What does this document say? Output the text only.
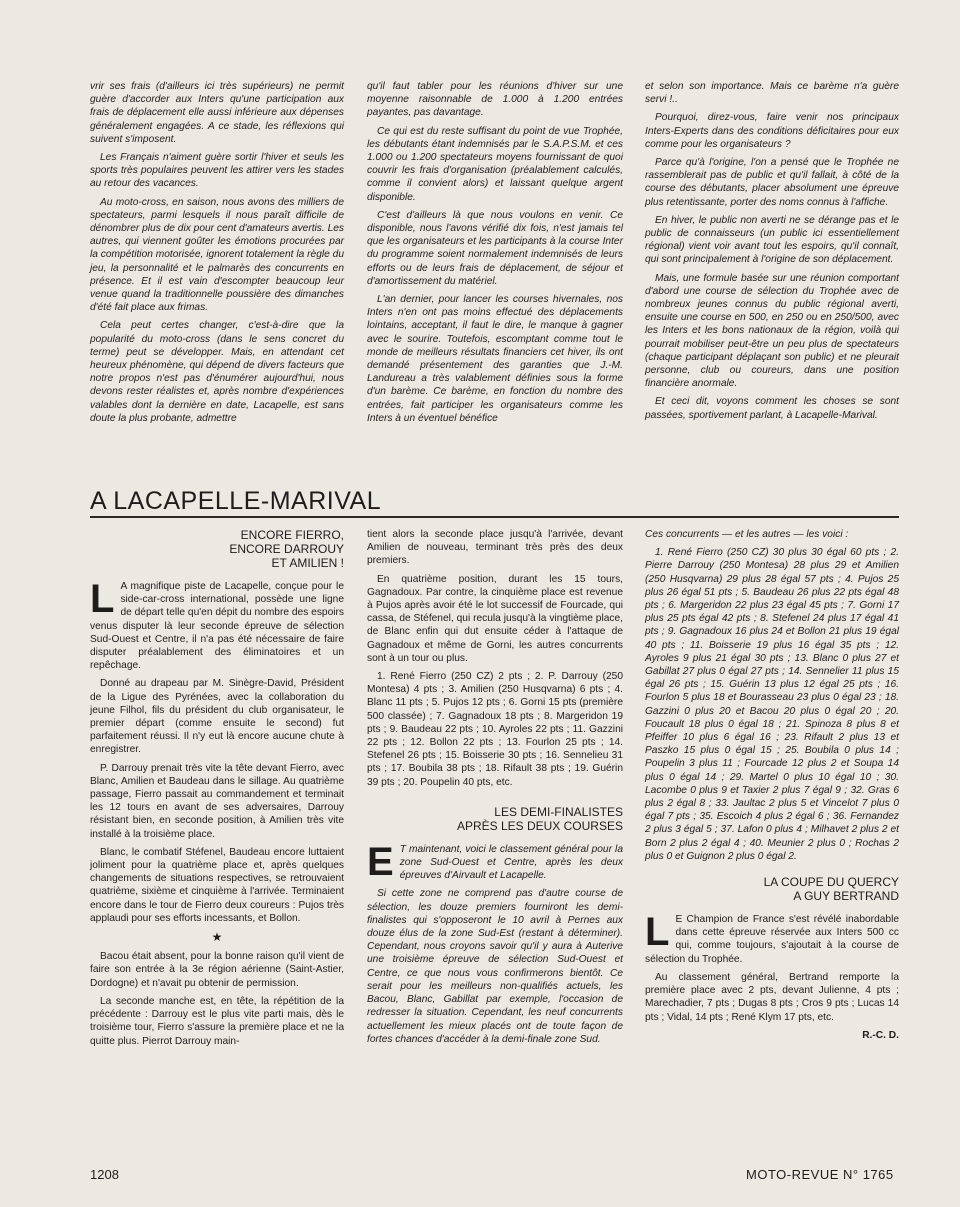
vrir ses frais (d'ailleurs ici très supérieurs) ne permit guère d'accorder aux Inters qu'une participation aux frais de déplacement elle aussi inférieure aux dépenses généralement engagées. A ce stade, les réflexions qui suivent s'imposent.

Les Français n'aiment guère sortir l'hiver et seuls les sports très populaires peuvent les attirer vers les stades au retour des vacances.

Au moto-cross, en saison, nous avons des milliers de spectateurs, parmi lesquels il nous paraît difficile de dénombrer plus de dix pour cent d'amateurs avertis. Les autres, qui viennent goûter les émotions procurées par la compétition motorisée, ignorent totalement la règle du jeu, la personnalité et le palmarès des concurrents en présence. Et il est vain d'escompter beaucoup leur venue quand la traditionnelle poussière des dimanches d'été fait place aux frimas.

Cela peut certes changer, c'est-à-dire que la popularité du moto-cross (dans le sens concret du terme) peut se développer. Mais, en attendant cet heureux phénomène, qui dépend de divers facteurs que notre propos n'est pas d'énumérer aujourd'hui, nous devons rester réalistes et, après nombre d'expériences valables dont la dernière en date, Lacapelle, est sans doute la plus probante, admettre

qu'il faut tabler pour les réunions d'hiver sur une moyenne raisonnable de 1.000 à 1.200 entrées payantes, pas davantage.

Ce qui est du reste suffisant du point de vue Trophée, les débutants étant indemnisés par le S.A.P.S.M. et ces 1.000 ou 1.200 spectateurs moyens fournissant de quoi couvrir les frais d'organisation (préalablement calculés, comme il convient alors) et laissant quelque argent disponible.

C'est d'ailleurs là que nous voulons en venir. Ce disponible, nous l'avons vérifié dix fois, n'est jamais tel que les organisateurs et les participants à la course Inter du programme soient normalement indemnisés de leurs efforts ou de leurs frais de déplacement, de séjour et d'amortissement du matériel.

L'an dernier, pour lancer les courses hivernales, nos Inters n'en ont pas moins effectué des déplacements lointains, acceptant, il faut le dire, le manque à gagner avec le sourire. Toutefois, escomptant comme tout le monde de meilleurs résultats financiers cet hiver, ils ont demandé présentement des garanties que J.-M. Landureau a très valablement définies sous la forme d'un barème. Ce barème, en fonction du nombre des entrées, fait participer les organisateurs comme les Inters à un éventuel bénéfice

et selon son importance. Mais ce barème n'a guère servi !..

Pourquoi, direz-vous, faire venir nos principaux Inters-Experts dans des conditions déficitaires pour eux comme pour les organisateurs ?

Parce qu'à l'origine, l'on a pensé que le Trophée ne rassemblerait pas de public et qu'il fallait, à côté de la course des débutants, placer absolument une épreuve plus retentissante, porter des noms connus à l'affiche.

En hiver, le public non averti ne se dérange pas et le public de connaisseurs (un public ici essentiellement régional) vient voir avant tout les espoirs, qu'il connaît, qui sont principalement à l'origine de son déplacement.

Mais, une formule basée sur une réunion comportant d'abord une course de sélection du Trophée avec de nombreux jeunes connus du public régional averti, ensuite une course en 500, en 250 ou en 250/500, avec les Inters et les bons nationaux de la région, voilà qui pourrait mobiliser peut-être un peu plus de spectateurs (chaque participant déplaçant son public) et ne pleurait personne, club ou coureurs, dans une position financière anormale.

Et ceci dit, voyons comment les choses se sont passées, sportivement parlant, à Lacapelle-Marival.

A LACAPELLE-MARIVAL
ENCORE FIERRO,
ENCORE DARROUY
ET AMILIEN !

L A magnifique piste de Lacapelle, conçue pour le side-car-cross international, possède une ligne de départ telle qu'en dépit du nombre des espoirs venus disputer là leur seconde épreuve de sélection Sud-Ouest et Centre, il n'a pas été nécessaire de faire disputer préalablement des éliminatoires et un repêchage.

Donné au drapeau par M. Sinègre-David, Président de la Ligue des Pyrénées, avec la collaboration du jeune Filhol, fils du président du club organisateur, le premier départ (comme ensuite le second) fut parfaitement réussi. Il n'y eut là encore aucune chute à enregistrer.

P. Darrouy prenait très vite la tête devant Fierro, avec Blanc, Amilien et Baudeau dans le sillage. Au quatrième passage, Fierro passait au commandement et terminait les 12 tours en avant de ses adversaires, Darrouy résistant bien, en seconde position, à Amilien très vite installé à la troisième place.

Blanc, le combatif Stéfenel, Baudeau encore luttaient joliment pour la quatrième place et, après quelques changements de situations respectives, se retrouvaient quatrième, sixième et cinquième à l'arrivée. Terminaient encore dans le tour de Fierro deux coureurs : Pujos très applaudi pour ses efforts incessants, et Bollon.

★

Bacou était absent, pour la bonne raison qu'il vient de faire son entrée à la 3e région aérienne (Saint-Astier, Dordogne) et n'avait pu obtenir de permission.

La seconde manche est, en tête, la répétition de la précédente : Darrouy est le plus vite parti mais, dès le troisième tour, Fierro s'assure la première place et ne la quitte plus. Pierrot Darrouy main-

tient alors la seconde place jusqu'à l'arrivée, devant Amilien de nouveau, terminant très près des deux premiers.

En quatrième position, durant les 15 tours, Gagnadoux. Par contre, la cinquième place est revenue à Pujos après avoir été le lot successif de Fourcade, qui cassa, de Stéfenel, qui recula jusqu'à la vingtième place, de Blanc enfin qui dut ensuite céder à l'attaque de Gagnadoux et même de Gorni, les autres concurrents sont à un tour ou plus.

1. René Fierro (250 CZ) 2 pts ; 2. P. Darrouy (250 Montesa) 4 pts ; 3. Amilien (250 Husqvarna) 6 pts ; 4. Blanc 11 pts ; 5. Pujos 12 pts ; 6. Gorni 15 pts (première 500 classée) ; 7. Gagnadoux 18 pts ; 8. Margeridon 19 pts ; 9. Baudeau 22 pts ; 10. Ayroles 22 pts ; 11. Gazzini 22 pts ; 12. Bollon 22 pts ; 13. Fourlon 25 pts ; 14. Stefenel 26 pts ; 15. Boisserie 30 pts ; 16. Sennelieu 31 pts ; 17. Boubila 38 pts ; 18. Rifault 38 pts ; 19. Guérin 39 pts ; 20. Poupelin 40 pts, etc.

LES DEMI-FINALISTES
APRÈS LES DEUX COURSES

E T maintenant, voici le classement général pour la zone Sud-Ouest et Centre, après les deux épreuves d'Airvault et Lacapelle.

Si cette zone ne comprend pas d'autre course de sélection, les douze premiers fourniront les demi-finalistes qui s'opposeront le 10 avril à Pernes aux douze élus de la zone Sud-Est (restant à déterminer). Cependant, nous croyons savoir qu'il y aura à Auterive une troisième épreuve de sélection Sud-Ouest et Centre, ce que nous vous confirmerons bientôt. Ce serait pour les meilleurs non-qualifiés actuels, les Bacou, Blanc, Gabillat par exemple, l'occasion de redresser la situation. Cependant, les neuf concurrents actuellement les mieux placés ont de toute façon de fortes chances d'accéder à la demi-finale zone Sud.

Ces concurrents — et les autres — les voici :

1. René Fierro (250 CZ) 30 plus 30 égal 60 pts ; 2. Pierre Darrouy (250 Montesa) 28 plus 29 et Amilien (250 Husqvarna) 29 plus 28 égal 57 pts ; 4. Pujos 25 plus 26 égal 51 pts ; 5. Baudeau 26 plus 22 pts égal 48 pts ; 6. Margeridon 22 plus 23 égal 45 pts ; 7. Gorni 17 plus 25 pts égal 42 pts ; 8. Stefenel 24 plus 17 égal 41 pts ; 9. Gagnadoux 16 plus 24 et Bollon 21 plus 19 égal 40 pts ; 11. Boisserie 19 plus 16 égal 35 pts ; 12. Ayroles 9 plus 21 égal 30 pts ; 13. Blanc 0 plus 27 et Gabillat 27 plus 0 égal 27 pts ; 14. Sennelier 11 plus 15 égal 26 pts ; 15. Guérin 13 plus 12 égal 25 pts ; 16. Fourlon 5 plus 18 et Bourasseau 23 plus 0 égal 23 ; 18. Gazzini 0 plus 20 et Bacou 20 plus 0 égal 20 ; 20. Foucault 18 plus 0 égal 18 ; 21. Spinoza 8 plus 8 et Pfeiffer 10 plus 6 égal 16 ; 23. Rifault 2 plus 13 et Paszko 15 plus 0 égal 15 ; 25. Boubila 0 plus 14 ; Poupelin 3 plus 11 ; Fourcade 12 plus 2 et Soupa 14 plus 0 égal 14 ; 29. Martel 0 plus 10 égal 10 ; 30. Lacombe 0 plus 9 et Taxier 2 plus 7 égal 9 ; 32. Gras 6 plus 2 égal 8 ; 33. Jaultac 2 plus 5 et Vincelot 7 plus 0 égal 7 pts ; 35. Escoich 4 plus 2 égal 6 ; 36. Fernandez 2 plus 3 égal 5 ; 37. Lafon 0 plus 4 ; Milhavet 2 plus 2 et Born 2 plus 2 égal 4 ; 40. Meunier 2 plus 0 ; Rochas 2 plus 0 et Guignon 2 plus 0 égal 2.

LA COUPE DU QUERCY
A GUY BERTRAND

L E Champion de France s'est révélé inabordable dans cette épreuve réservée aux Inters 500 cc qui, comme toujours, s'ajoutait à la course de sélection du Trophée.

Au classement général, Bertrand remporte la première place avec 2 pts, devant Julienne, 4 pts ; Marechadier, 7 pts ; Dugas 8 pts ; Cros 9 pts ; Lucas 14 pts ; Vidal, 14 pts ; René Klym 17 pts, etc.

R.-C. D.

1208	MOTO-REVUE N° 1765
